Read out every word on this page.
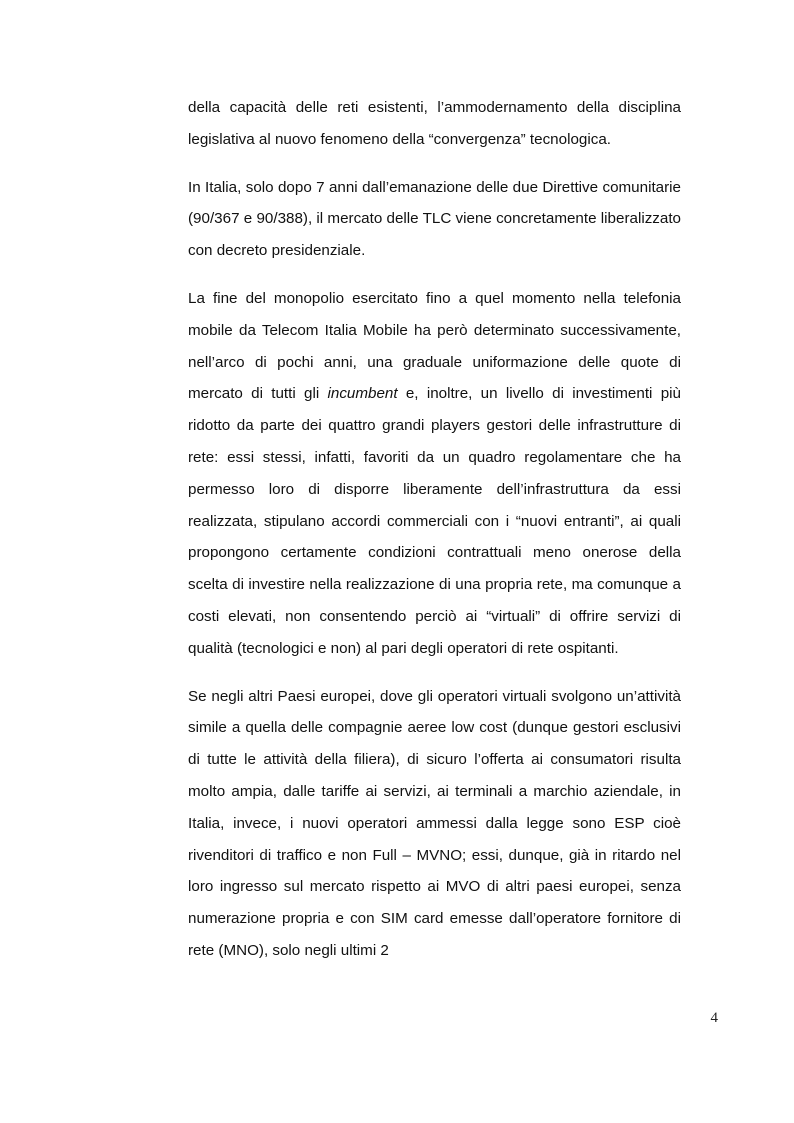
della capacità delle reti esistenti, l’ammodernamento della disciplina legislativa al nuovo fenomeno della “convergenza” tecnologica.

In Italia, solo dopo 7 anni dall’emanazione delle due Direttive comunitarie (90/367 e 90/388), il mercato delle TLC viene concretamente liberalizzato con decreto presidenziale.

La fine del monopolio esercitato fino a quel momento nella telefonia mobile da Telecom Italia Mobile ha però determinato successivamente, nell’arco di pochi anni, una graduale uniformazione delle quote di mercato di tutti gli incumbent e, inoltre, un livello di investimenti più ridotto da parte dei quattro grandi players gestori delle infrastrutture di rete: essi stessi, infatti, favoriti da un quadro regolamentare che ha permesso loro di disporre liberamente dell’infrastruttura da essi realizzata, stipulano accordi commerciali con i “nuovi entranti”, ai quali propongono certamente condizioni contrattuali meno onerose della scelta di investire nella realizzazione di una propria rete, ma comunque a costi elevati, non consentendo perciò ai “virtuali” di offrire servizi di qualità (tecnologici e non) al pari degli operatori di rete ospitanti.

Se negli altri Paesi europei, dove gli operatori virtuali svolgono un’attività simile a quella delle compagnie aeree low cost (dunque gestori esclusivi di tutte le attività della filiera), di sicuro l’offerta ai consumatori risulta molto ampia, dalle tariffe ai servizi, ai terminali a marchio aziendale, in Italia, invece, i nuovi operatori ammessi dalla legge sono ESP cioè rivenditori di traffico e non Full – MVNO; essi, dunque, già in ritardo nel loro ingresso sul mercato rispetto ai MVO di altri paesi europei, senza numerazione propria e con SIM card emesse dall’operatore fornitore di rete (MNO), solo negli ultimi 2

4
